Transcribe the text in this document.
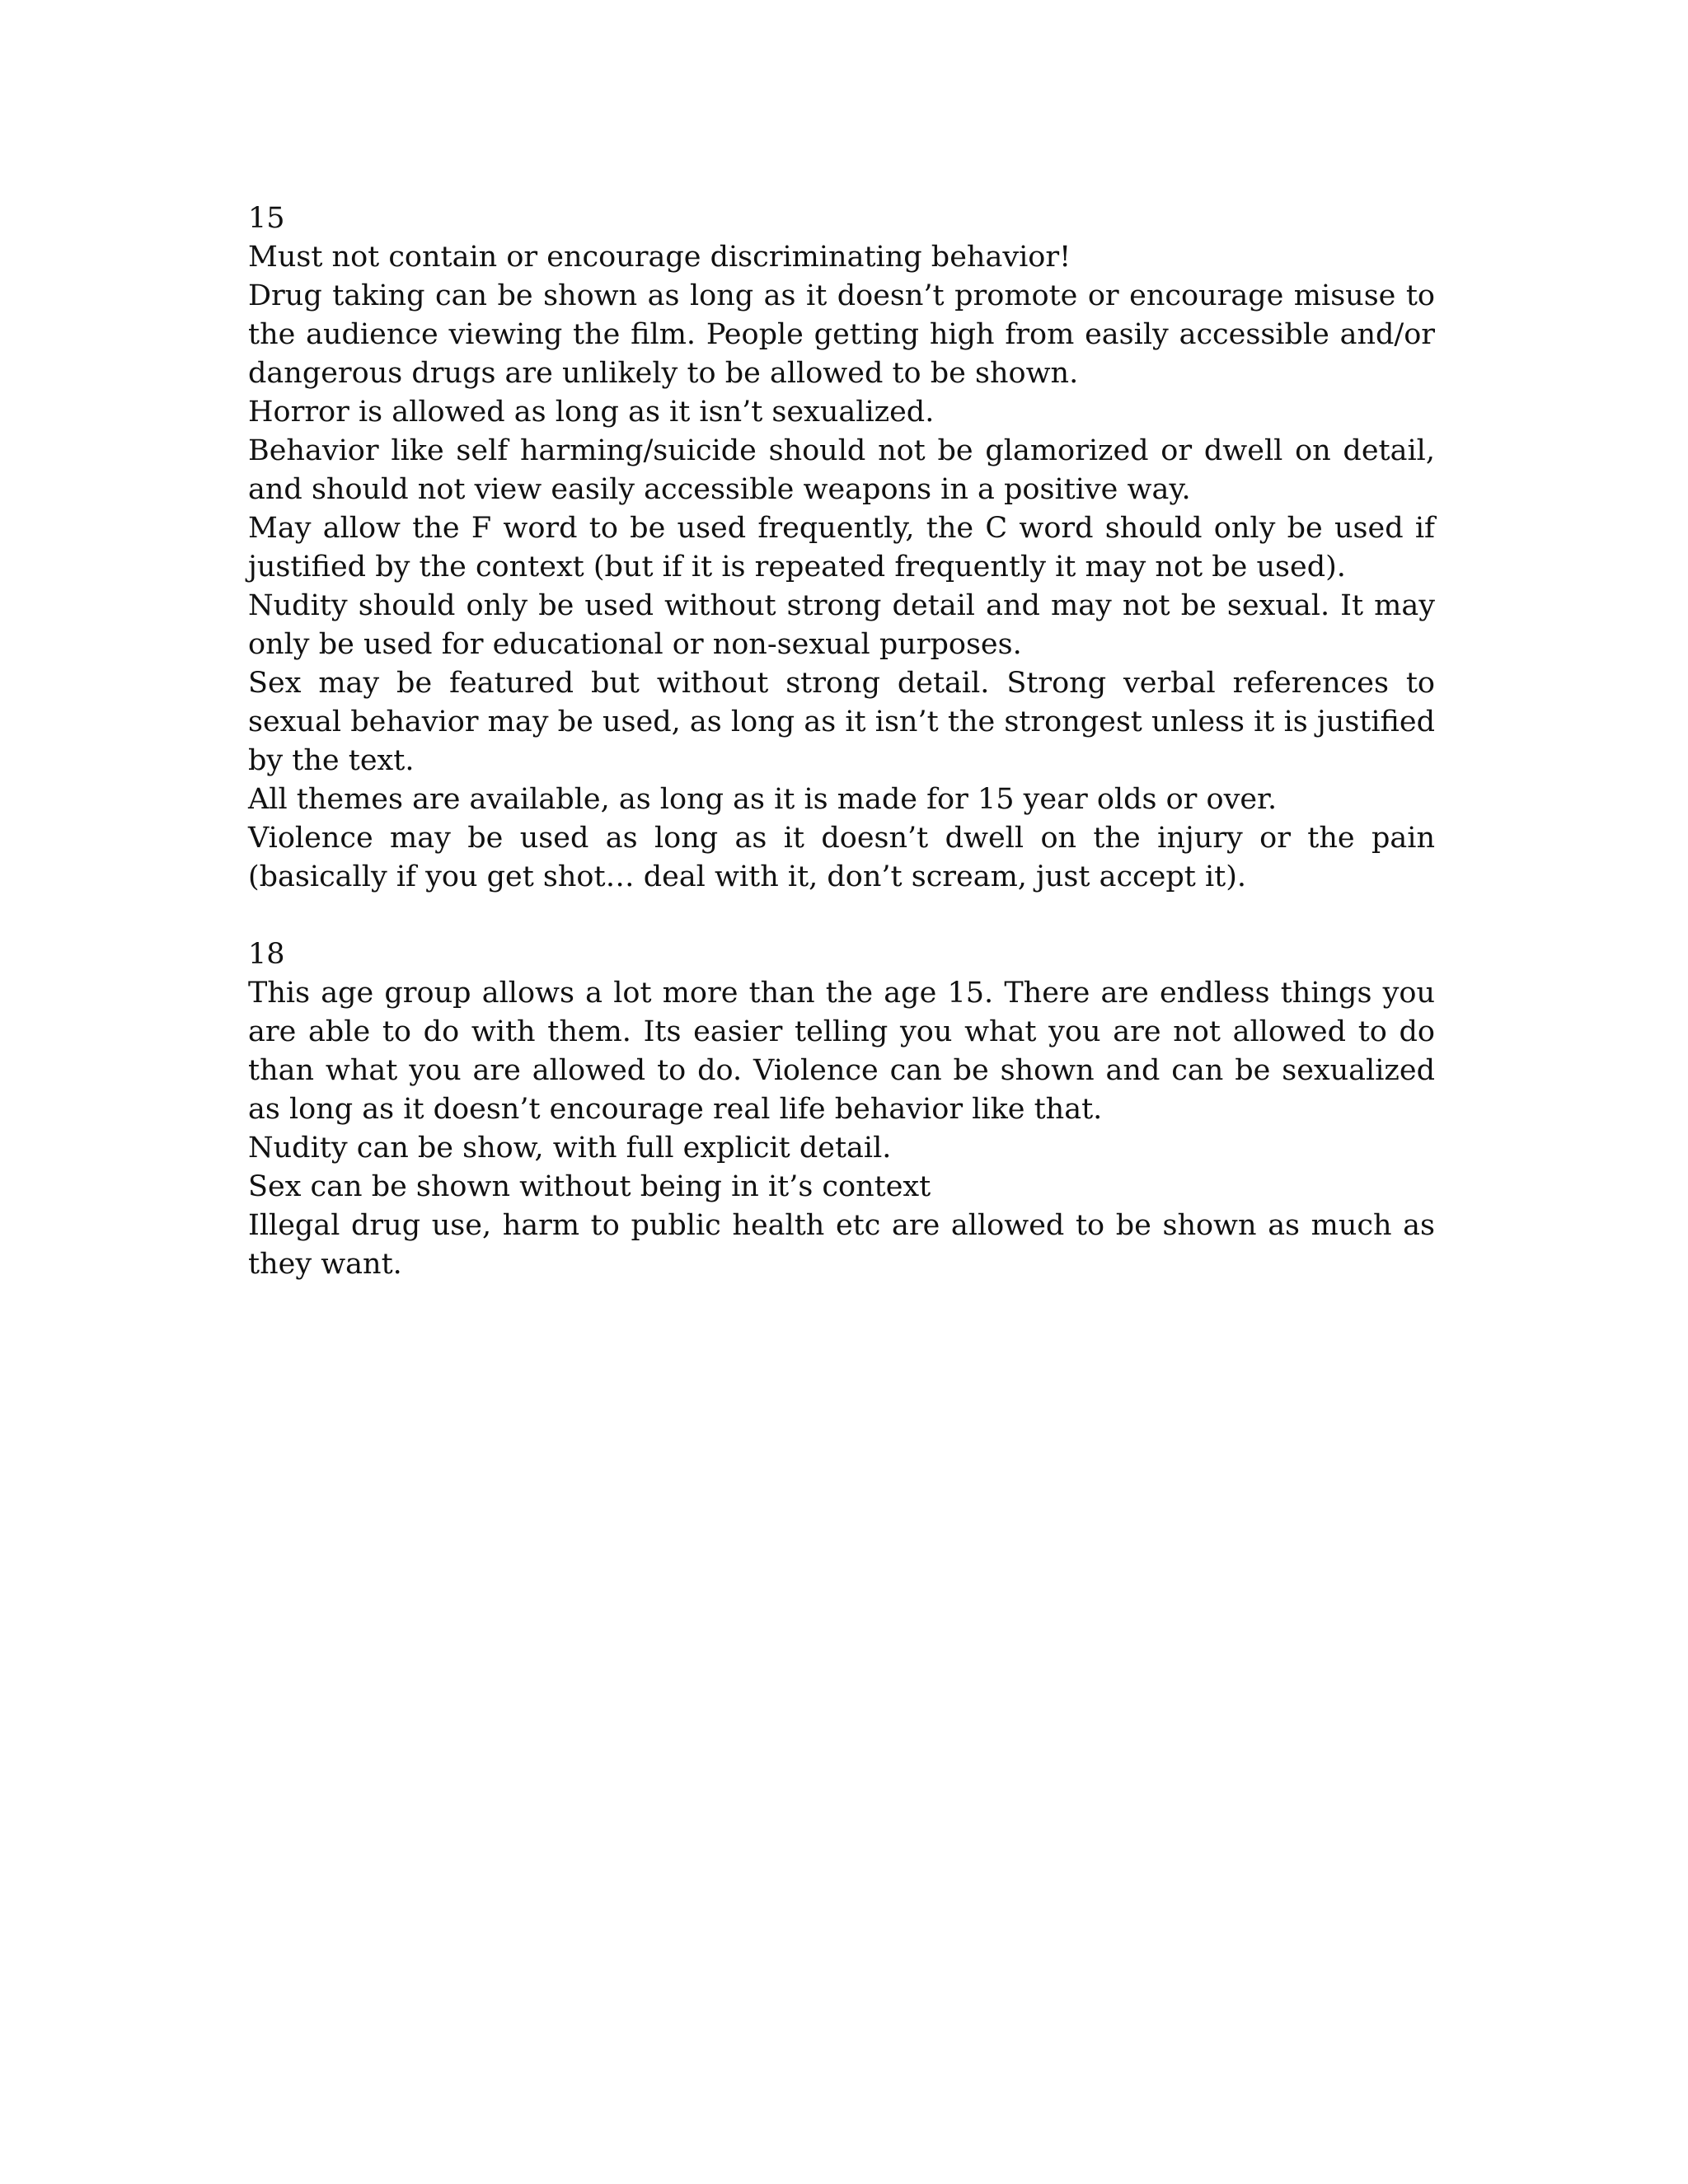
15

Must not contain or encourage discriminating behavior!

Drug taking can be shown as long as it doesn’t promote or encourage misuse to the audience viewing the film. People getting high from easily accessible and/or dangerous drugs are unlikely to be allowed to be shown.

Horror is allowed as long as it isn’t sexualized.

Behavior like self harming/suicide should not be glamorized or dwell on detail, and should not view easily accessible weapons in a positive way.

May allow the F word to be used frequently, the C word should only be used if justified by the context (but if it is repeated frequently it may not be used).

Nudity should only be used without strong detail and may not be sexual. It may only be used for educational or non-sexual purposes.

Sex may be featured but without strong detail. Strong verbal references to sexual behavior may be used, as long as it isn’t the strongest unless it is justified by the text.

All themes are available, as long as it is made for 15 year olds or over.

Violence may be used as long as it doesn’t dwell on the injury or the pain (basically if you get shot… deal with it, don’t scream, just accept it).

18

This age group allows a lot more than the age 15. There are endless things you are able to do with them. Its easier telling you what you are not allowed to do than what you are allowed to do. Violence can be shown and can be sexualized as long as it doesn’t encourage real life behavior like that.

Nudity can be show, with full explicit detail.

Sex can be shown without being in it’s context

Illegal drug use, harm to public health etc are allowed to be shown as much as they want.
